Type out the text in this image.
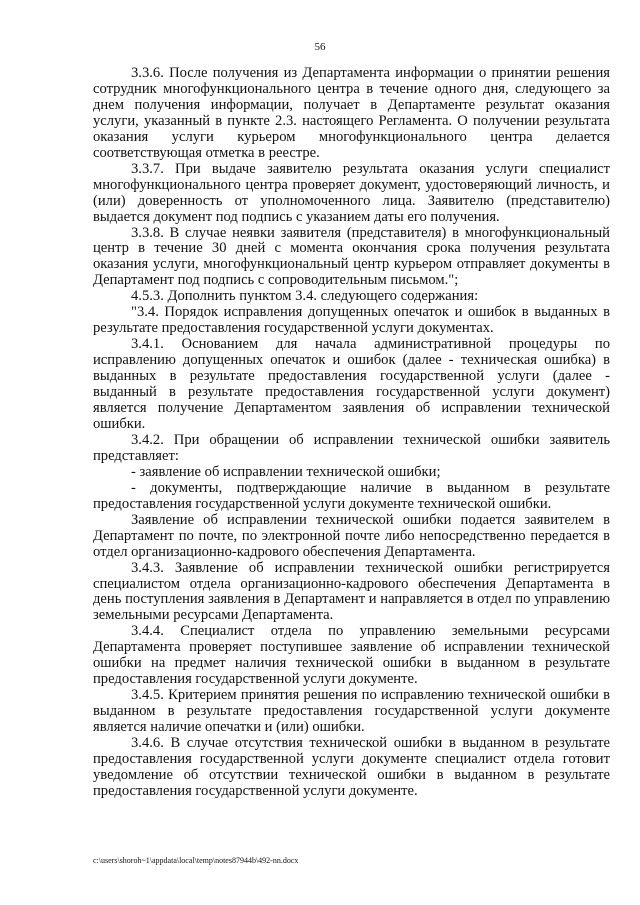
56

3.3.6. После получения из Департамента информации о принятии решения сотрудник многофункционального центра в течение одного дня, следующего за днем получения информации, получает в Департаменте результат оказания услуги, указанный в пункте 2.3. настоящего Регламента. О получении результата оказания услуги курьером многофункционального центра делается соответствующая отметка в реестре.

3.3.7. При выдаче заявителю результата оказания услуги специалист многофункционального центра проверяет документ, удостоверяющий личность, и (или) доверенность от уполномоченного лица. Заявителю (представителю) выдается документ под подпись с указанием даты его получения.

3.3.8. В случае неявки заявителя (представителя) в многофункциональный центр в течение 30 дней с момента окончания срока получения результата оказания услуги, многофункциональный центр курьером отправляет документы в Департамент под подпись с сопроводительным письмом.";

4.5.3. Дополнить пунктом 3.4. следующего содержания:

"3.4. Порядок исправления допущенных опечаток и ошибок в выданных в результате предоставления государственной услуги документах.

3.4.1. Основанием для начала административной процедуры по исправлению допущенных опечаток и ошибок (далее - техническая ошибка) в выданных в результате предоставления государственной услуги (далее - выданный в результате предоставления государственной услуги документ) является получение Департаментом заявления об исправлении технической ошибки.

3.4.2. При обращении об исправлении технической ошибки заявитель представляет:

- заявление об исправлении технической ошибки;

- документы, подтверждающие наличие в выданном в результате предоставления государственной услуги документе технической ошибки.

Заявление об исправлении технической ошибки подается заявителем в Департамент по почте, по электронной почте либо непосредственно передается в отдел организационно-кадрового обеспечения Департамента.

3.4.3. Заявление об исправлении технической ошибки регистрируется специалистом отдела организационно-кадрового обеспечения Департамента в день поступления заявления в Департамент и направляется в отдел по управлению земельными ресурсами Департамента.

3.4.4. Специалист отдела по управлению земельными ресурсами Департамента проверяет поступившее заявление об исправлении технической ошибки на предмет наличия технической ошибки в выданном в результате предоставления государственной услуги документе.

3.4.5. Критерием принятия решения по исправлению технической ошибки в выданном в результате предоставления государственной услуги документе является наличие опечатки и (или) ошибки.

3.4.6. В случае отсутствия технической ошибки в выданном в результате предоставления государственной услуги документе специалист отдела готовит уведомление об отсутствии технической ошибки в выданном в результате предоставления государственной услуги документе.

c:\users\shoroh~1\appdata\local\temp\notes87944b\492-nn.docx
